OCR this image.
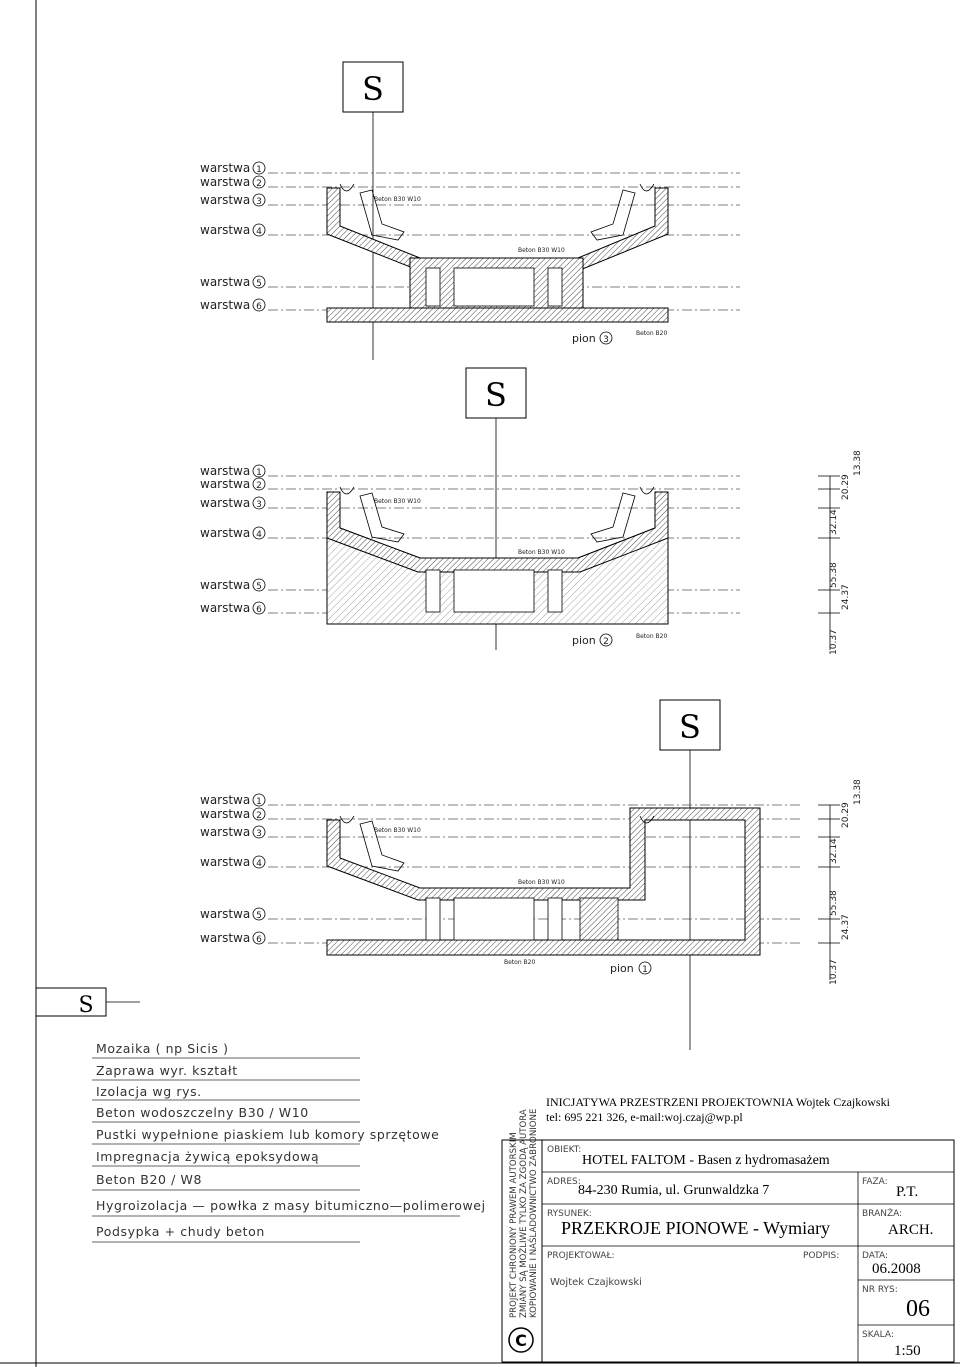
S
warstwa 1
warstwa 2
warstwa 3
warstwa 4
warstwa 5
warstwa 6
Beton B30 W10
Beton B30 W10
pion 3
Beton B20
S
warstwa 1
warstwa 2
warstwa 3
warstwa 4
warstwa 5
warstwa 6
Beton B30 W10
Beton B30 W10
pion 2
Beton B20
13.38
20.29
32.14
55.38
24.37
10.37
S
warstwa 1
warstwa 2
warstwa 3
warstwa 4
warstwa 5
warstwa 6
Beton B30 W10
Beton B30 W10
Beton B20	pion 1
13.38
20.29
32.14
55.38
24.37
10.37
S
Mozaika ( np Sicis )
Zaprawa wyr. kształt
Izolacja wg rys.
Beton wodoszczelny B30 / W10
Pustki wypełnione piaskiem lub komory sprzętowe
Impregnacja żywicą epoksydową
Beton B20 / W8
Hygroizolacja — powłka z masy bitumiczno—polimerowej
Podsypka + chudy beton
INICJATYWA PRZESTRZENI PROJEKTOWNIA Wojtek Czajkowski
tel: 695 221 326, e-mail:woj.czaj@wp.pl
PROJEKT CHRONIONY PRAWEM AUTORSKIM ZMIANY SĄ MOŻLIWE TYLKO ZA ZGODĄ AUTORA KOPIOWANIE I NAŚLADOWNICTWO ZABRONIONE
C
OBIEKT:
HOTEL FALTOM - Basen z hydromasażem
ADRES:
84-230 Rumia, ul. Grunwaldzka 7
FAZA:
P.T.
RYSUNEK:
PRZEKROJE PIONOWE - Wymiary
BRANŻA:
ARCH.
PROJEKTOWAŁ:
Wojtek Czajkowski
PODPIS:	DATA:
06.2008
NR RYS:
06
SKALA:
1:50
